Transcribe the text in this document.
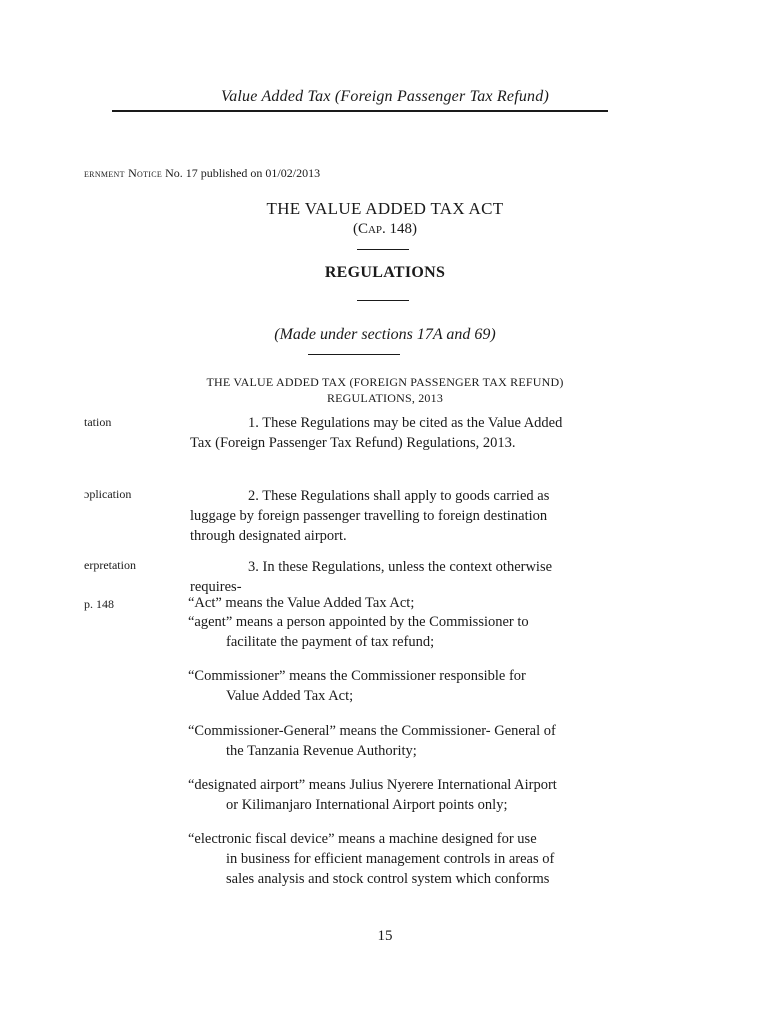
Value Added Tax (Foreign Passenger Tax Refund)
ernment Notice No. 17 published on 01/02/2013
THE VALUE ADDED TAX ACT
(Cap. 148)
REGULATIONS
(Made under sections 17A and 69)
THE VALUE ADDED TAX (FOREIGN PASSENGER TAX REFUND)
REGULATIONS, 2013
tation
ɔplication
erpretation
p. 148
1. These Regulations may be cited as the Value Added
Tax (Foreign Passenger Tax Refund) Regulations, 2013.
2. These Regulations shall apply to goods carried as
luggage by foreign passenger travelling to foreign destination
through designated airport.
3. In these Regulations, unless the context otherwise
requires-
“Act” means the Value Added Tax Act;
“agent” means a person appointed by the Commissioner to
facilitate the payment of tax refund;
“Commissioner” means the Commissioner responsible for
Value Added Tax Act;
“Commissioner-General” means the Commissioner- General of
the Tanzania Revenue Authority;
“designated airport” means Julius Nyerere International Airport
or Kilimanjaro International Airport points only;
“electronic fiscal device” means a machine designed for use
in business for efficient management controls in areas of
sales analysis and stock control system which conforms
15
